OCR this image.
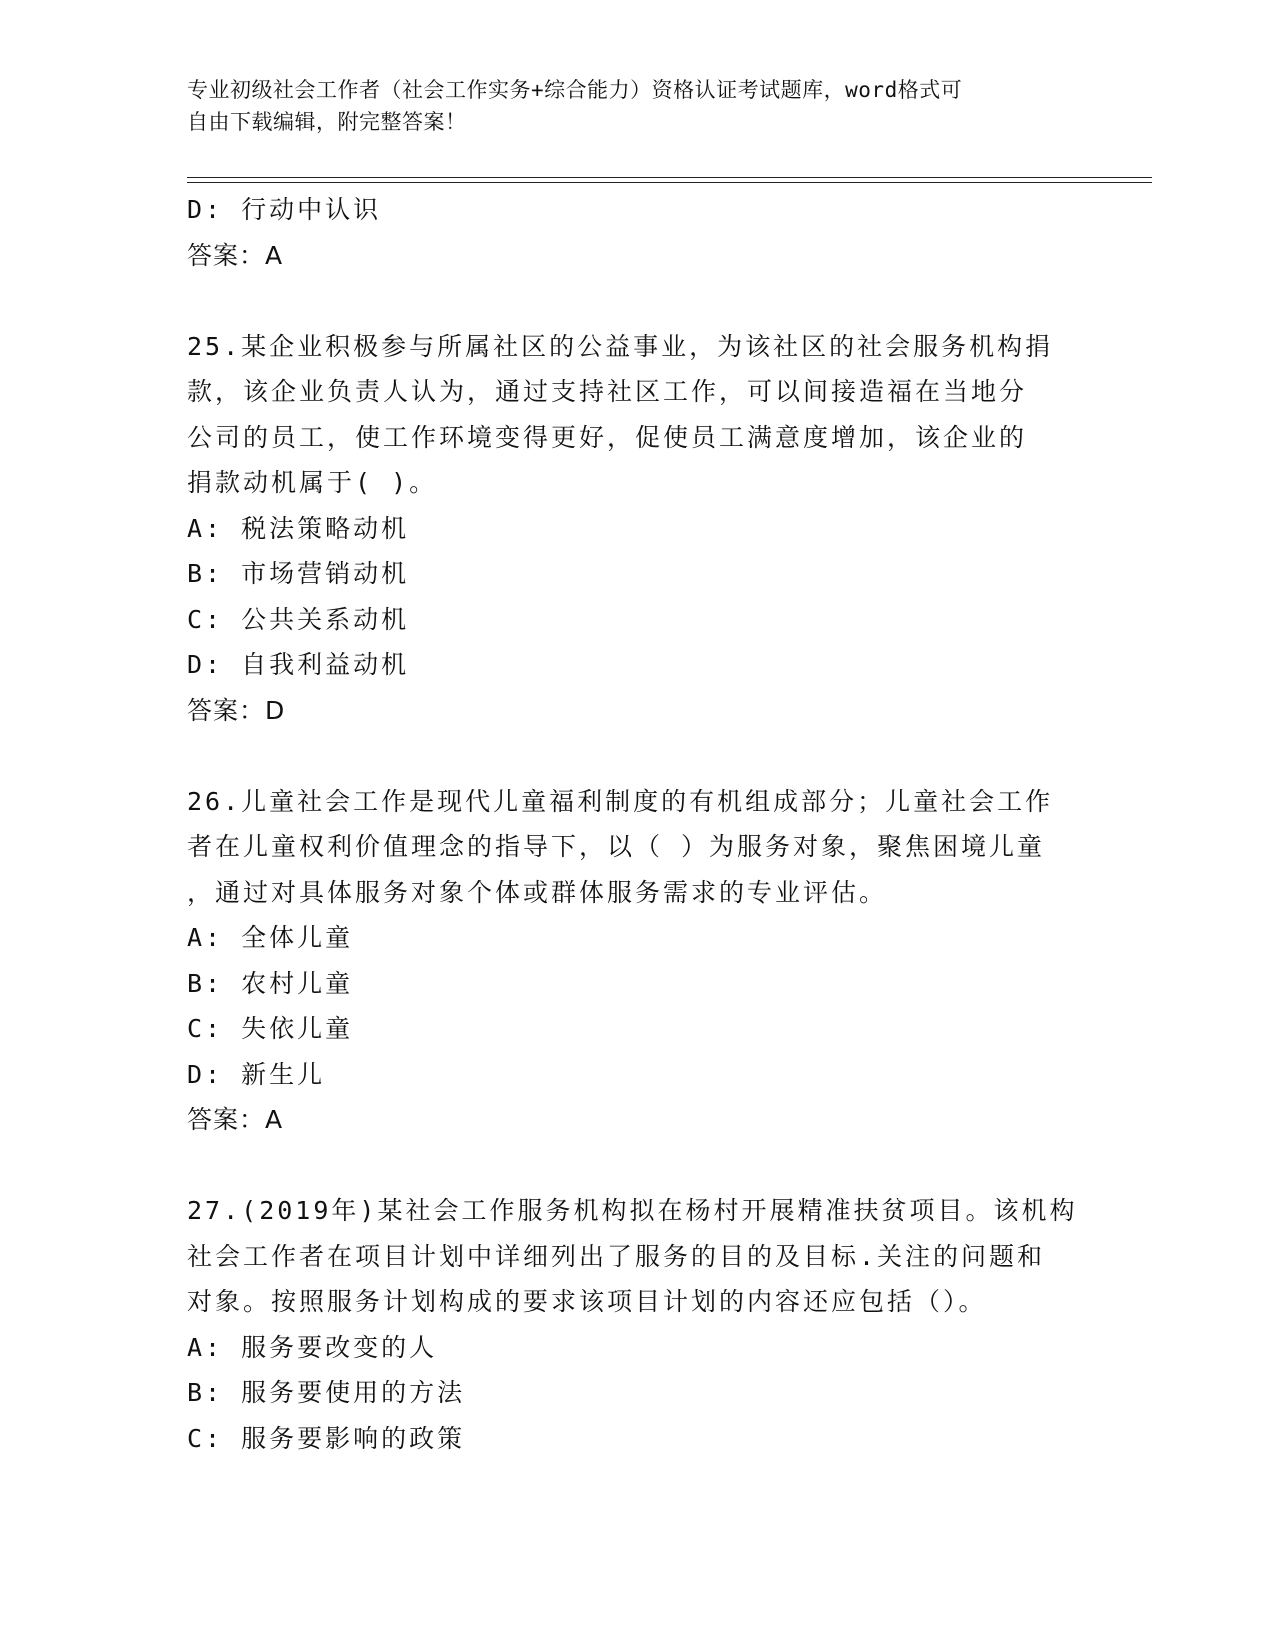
专业初级社会工作者（社会工作实务+综合能力）资格认证考试题库，word格式可
自由下载编辑，附完整答案！
D: 行动中认识
答案：A
25.某企业积极参与所属社区的公益事业，为该社区的社会服务机构捐
款，该企业负责人认为，通过支持社区工作，可以间接造福在当地分
公司的员工，使工作环境变得更好，促使员工满意度增加，该企业的
捐款动机属于( )。
A: 税法策略动机
B: 市场营销动机
C: 公共关系动机
D: 自我利益动机
答案：D
26.儿童社会工作是现代儿童福利制度的有机组成部分；儿童社会工作
者在儿童权利价值理念的指导下，以（ ）为服务对象，聚焦困境儿童
，通过对具体服务对象个体或群体服务需求的专业评估。
A: 全体儿童
B: 农村儿童
C: 失依儿童
D: 新生儿
答案：A
27.(2019年)某社会工作服务机构拟在杨村开展精准扶贫项目。该机构
社会工作者在项目计划中详细列出了服务的目的及目标.关注的问题和
对象。按照服务计划构成的要求该项目计划的内容还应包括（）。
A: 服务要改变的人
B: 服务要使用的方法
C: 服务要影响的政策
